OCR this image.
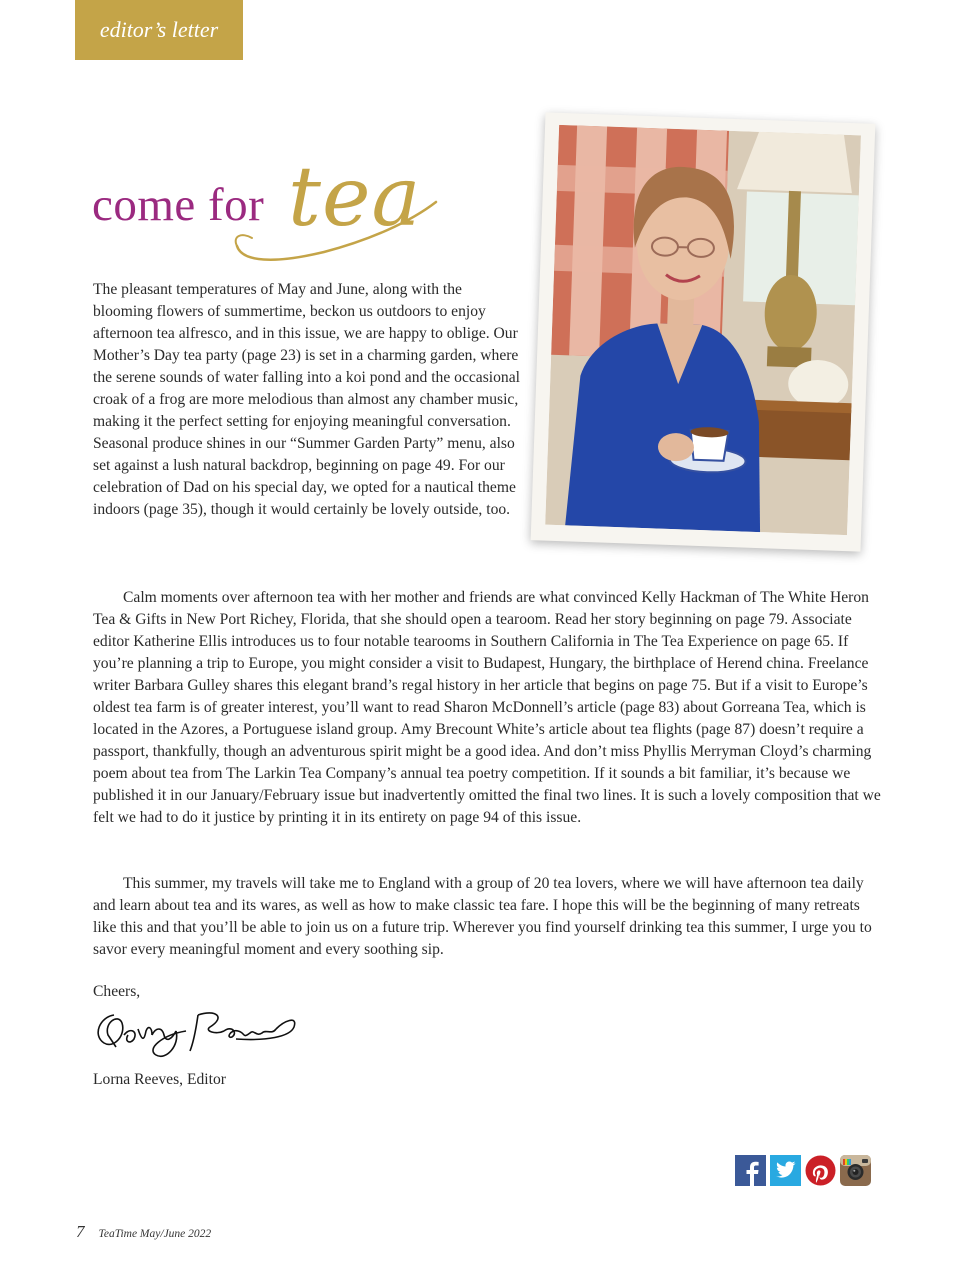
editor’s letter
come for tea

The pleasant temperatures of May and June, along with the blooming flowers of summertime, beckon us outdoors to enjoy afternoon tea alfresco, and in this issue, we are happy to oblige. Our Mother’s Day tea party (page 23) is set in a charming garden, where the serene sounds of water falling into a koi pond and the occasional croak of a frog are more melodious than almost any chamber music, making it the perfect setting for enjoying meaningful conversation. Seasonal produce shines in our “Summer Garden Party” menu, also set against a lush natural backdrop, beginning on page 49. For our celebration of Dad on his special day, we opted for a nautical theme indoors (page 35), though it would certainly be lovely outside, too.

Calm moments over afternoon tea with her mother and friends are what convinced Kelly Hackman of The White Heron Tea & Gifts in New Port Richey, Florida, that she should open a tearoom. Read her story beginning on page 79. Associate editor Katherine Ellis introduces us to four notable tearooms in Southern California in The Tea Experience on page 65. If you’re planning a trip to Europe, you might consider a visit to Budapest, Hungary, the birthplace of Herend china. Freelance writer Barbara Gulley shares this elegant brand’s regal history in her article that begins on page 75. But if a visit to Europe’s oldest tea farm is of greater interest, you’ll want to read Sharon McDonnell’s article (page 83) about Gorreana Tea, which is located in the Azores, a Portuguese island group. Amy Brecount White’s article about tea flights (page 87) doesn’t require a passport, thankfully, though an adventurous spirit might be a good idea. And don’t miss Phyllis Merryman Cloyd’s charming poem about tea from The Larkin Tea Company’s annual tea poetry competition. If it sounds a bit familiar, it’s because we published it in our January/February issue but inadvertently omitted the final two lines. It is such a lovely composition that we felt we had to do it justice by printing it in its entirety on page 94 of this issue.

This summer, my travels will take me to England with a group of 20 tea lovers, where we will have afternoon tea daily and learn about tea and its wares, as well as how to make classic tea fare. I hope this will be the beginning of many retreats like this and that you’ll be able to join us on a future trip. Wherever you find yourself drinking tea this summer, I urge you to savor every meaningful moment and every soothing sip.

Cheers,
Lorna Reeves, Editor
7 TeaTime May/June 2022
